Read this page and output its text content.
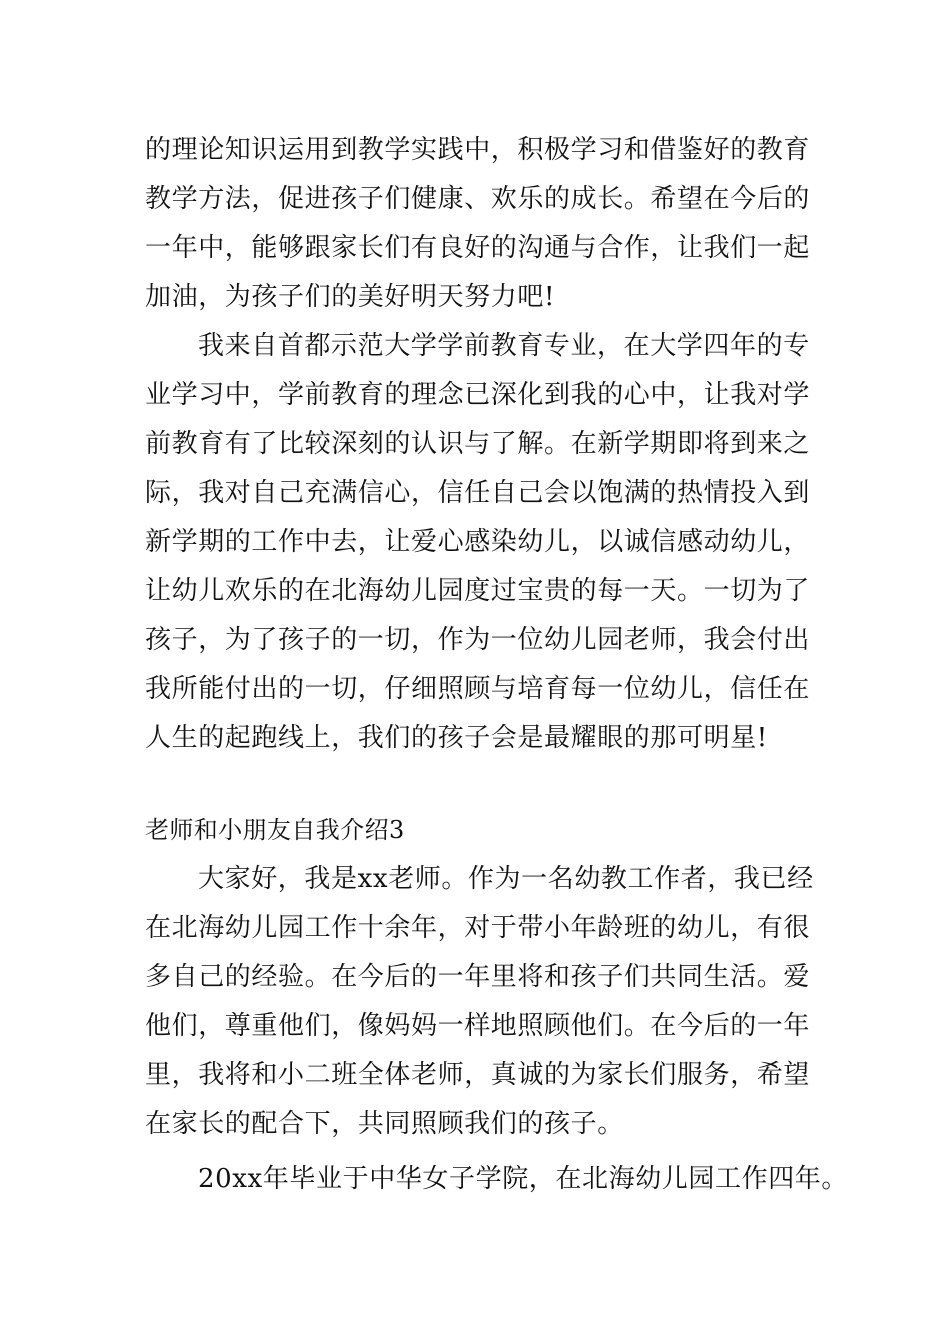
的理论知识运用到教学实践中，积极学习和借鉴好的教育
教学方法，促进孩子们健康、欢乐的成长。希望在今后的
一年中，能够跟家长们有良好的沟通与合作，让我们一起
加油，为孩子们的美好明天努力吧!
我来自首都示范大学学前教育专业，在大学四年的专
业学习中，学前教育的理念已深化到我的心中，让我对学
前教育有了比较深刻的认识与了解。在新学期即将到来之
际，我对自己充满信心，信任自己会以饱满的热情投入到
新学期的工作中去，让爱心感染幼儿，以诚信感动幼儿，
让幼儿欢乐的在北海幼儿园度过宝贵的每一天。一切为了
孩子，为了孩子的一切，作为一位幼儿园老师，我会付出
我所能付出的一切，仔细照顾与培育每一位幼儿，信任在
人生的起跑线上，我们的孩子会是最耀眼的那可明星!
老师和小朋友自我介绍3
大家好，我是xx老师。作为一名幼教工作者，我已经
在北海幼儿园工作十余年，对于带小年龄班的幼儿，有很
多自己的经验。在今后的一年里将和孩子们共同生活。爱
他们，尊重他们，像妈妈一样地照顾他们。在今后的一年
里，我将和小二班全体老师，真诚的为家长们服务，希望
在家长的配合下，共同照顾我们的孩子。
20xx年毕业于中华女子学院，在北海幼儿园工作四年。
